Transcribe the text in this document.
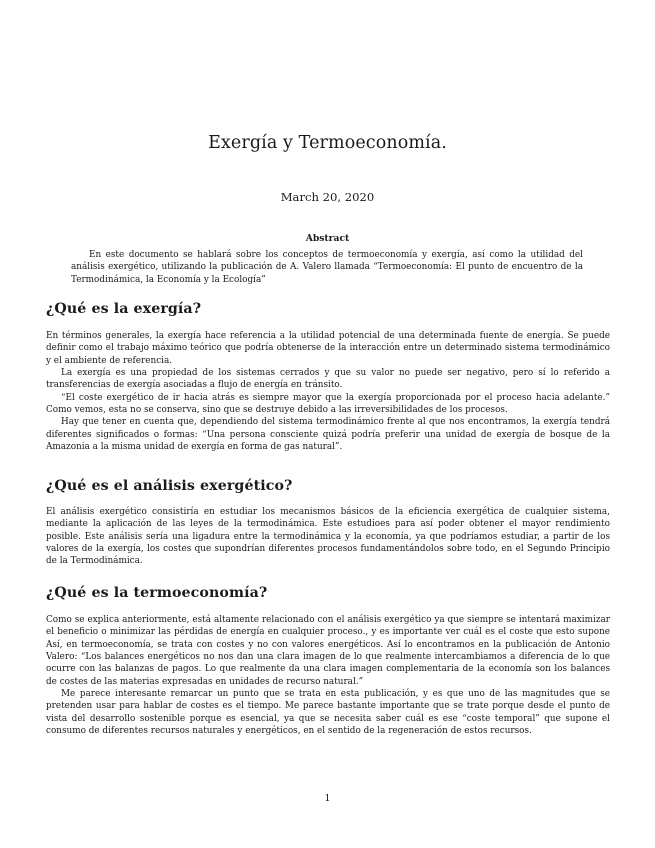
Exergía y Termoeconomía.
March 20, 2020
Abstract
En este documento se hablará sobre los conceptos de termoeconomía y exergía, así como la utilidad del análisis exergético, utilizando la publicación de A. Valero llamada “Termoeconomía: El punto de encuentro de la Termodinámica, la Economía y la Ecología”
¿Qué es la exergía?

En términos generales, la exergía hace referencia a la utilidad potencial de una determinada fuente de energía. Se puede definir como el trabajo máximo teórico que podría obtenerse de la interacción entre un determinado sistema termodinámico y el ambiente de referencia.

La exergía es una propiedad de los sistemas cerrados y que su valor no puede ser negativo, pero sí lo referido a transferencias de exergía asociadas a flujo de energía en tránsito.

“El coste exergético de ir hacia atrás es siempre mayor que la exergía proporcionada por el proceso hacia adelante.” Como vemos, esta no se conserva, sino que se destruye debido a las irreversibilidades de los procesos.

Hay que tener en cuenta que, dependiendo del sistema termodinámico frente al que nos encontramos, la exergía tendrá diferentes significados o formas: “Una persona consciente quizá podría preferir una unidad de exergía de bosque de la Amazonia a la misma unidad de exergía en forma de gas natural”.

¿Qué es el análisis exergético?

El análisis exergético consistiría en estudiar los mecanismos básicos de la eficiencia exergética de cualquier sistema, mediante la aplicación de las leyes de la termodinámica. Este estudioes para así poder obtener el mayor rendimiento posible. Este análisis sería una ligadura entre la termodinámica y la economía, ya que podríamos estudiar, a partir de los valores de la exergía, los costes que supondrían diferentes procesos fundamentándolos sobre todo, en el Segundo Principio de la Termodinámica.

¿Qué es la termoeconomía?

Como se explica anteriormente, está altamente relacionado con el análisis exergético ya que siempre se intentará maximizar el beneficio o minimizar las pérdidas de energía en cualquier proceso., y es importante ver cuál es el coste que esto supone Así, en termoeconomía, se trata con costes y no con valores energéticos. Así lo encontramos en la publicación de Antonio Valero: “Los balances energéticos no nos dan una clara imagen de lo que realmente intercambiamos a diferencia de lo que ocurre con las balanzas de pagos. Lo que realmente da una clara imagen complementaria de la economía son los balances de costes de las materias expresadas en unidades de recurso natural.”

Me parece interesante remarcar un punto que se trata en esta publicación, y es que uno de las magnitudes que se pretenden usar para hablar de costes es el tiempo. Me parece bastante importante que se trate porque desde el punto de vista del desarrollo sostenible porque es esencial, ya que se necesita saber cuál es ese “coste temporal” que supone el consumo de diferentes recursos naturales y energéticos, en el sentido de la regeneración de estos recursos.

1
